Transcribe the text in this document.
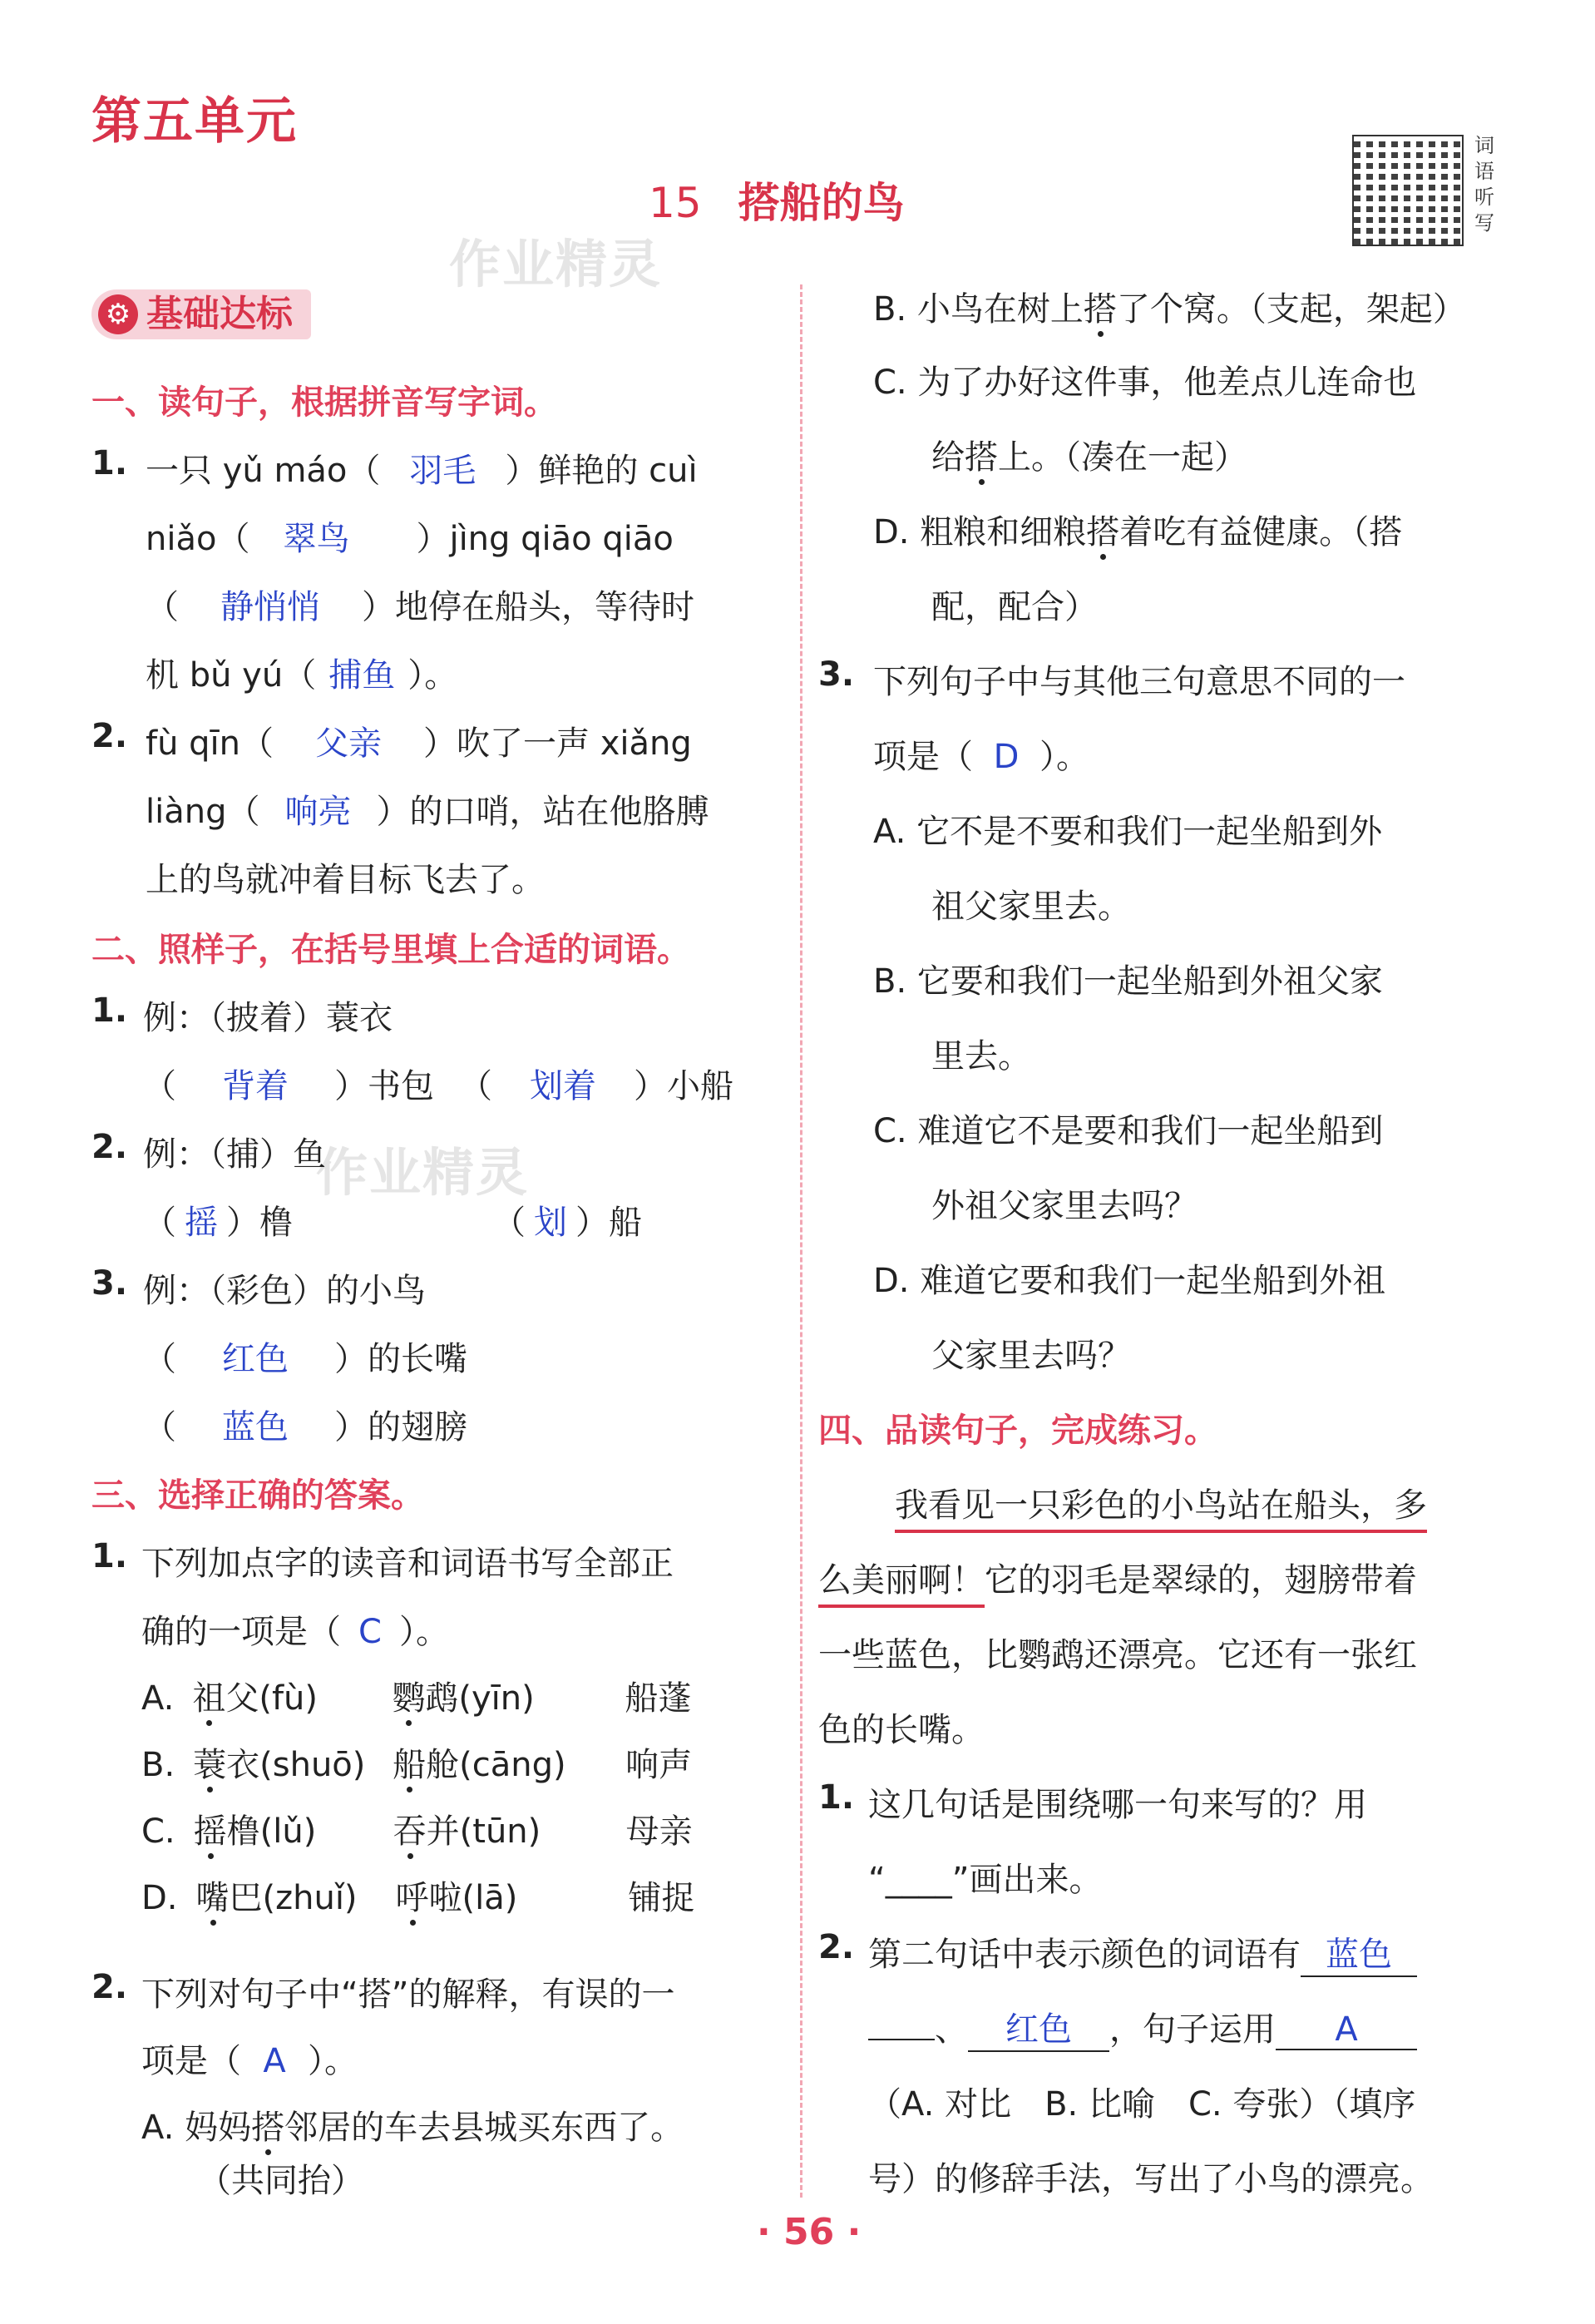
第五单元
15 搭船的鸟
词语听写
作业精灵
作业精灵
⚙ 基础达标
一、读句子，根据拼音写字词。
1. 一只 yǔ máo（ 羽毛 ）鲜艳的 cuì
niǎo（ 翠鸟 ）jìng qiāo qiāo
（ 静悄悄 ）地停在船头，等待时
机 bǔ yú（ 捕鱼 ）。
2. fù qīn（ 父亲 ）吹了一声 xiǎng
liàng（ 响亮 ）的口哨，站在他胳膊
上的鸟就冲着目标飞去了。
二、照样子，在括号里填上合适的词语。
1. 例：（披着）蓑衣
（ 背着 ）书包 （ 划着 ）小船
2. 例：（捕）鱼
（ 摇 ）橹	（ 划 ）船
3. 例：（彩色）的小鸟
（ 红色 ）的长嘴
（ 蓝色 ）的翅膀
三、选择正确的答案。
1. 下列加点字的读音和词语书写全部正
确的一项是（ C ）。
A. 祖父(fù) 鹦鹉(yīn)	船蓬
B. 蓑衣(shuō) 船舱(cāng) 响声
C. 摇橹(lǔ) 吞并(tūn)	母亲
D. 嘴巴(zhuǐ) 呼啦(lā)	铺捉
2. 下列对句子中“搭”的解释，有误的一
项是（ A ）。
A. 妈妈搭邻居的车去县城买东西了。
（共同抬）
B. 小鸟在树上搭了个窝。（支起，架起）
C. 为了办好这件事，他差点儿连命也
给搭上。（凑在一起）
D. 粗粮和细粮搭着吃有益健康。（搭
配，配合）
3. 下列句子中与其他三句意思不同的一
项是（ D ）。
A. 它不是不要和我们一起坐船到外
祖父家里去。
B. 它要和我们一起坐船到外祖父家
里去。
C. 难道它不是要和我们一起坐船到
外祖父家里去吗？
D. 难道它要和我们一起坐船到外祖
父家里去吗？
四、品读句子，完成练习。
我看见一只彩色的小鸟站在船头，多
么美丽啊！它的羽毛是翠绿的，翅膀带着
一些蓝色，比鹦鹉还漂亮。它还有一张红
色的长嘴。
1. 这几句话是围绕哪一句来写的？用
“____”画出来。
2. 第二句话中表示颜色的词语有 蓝色
、 红色 ，句子运用 A
（A. 对比　B. 比喻　C. 夸张）（填序
号）的修辞手法，写出了小鸟的漂亮。
· 56 ·
